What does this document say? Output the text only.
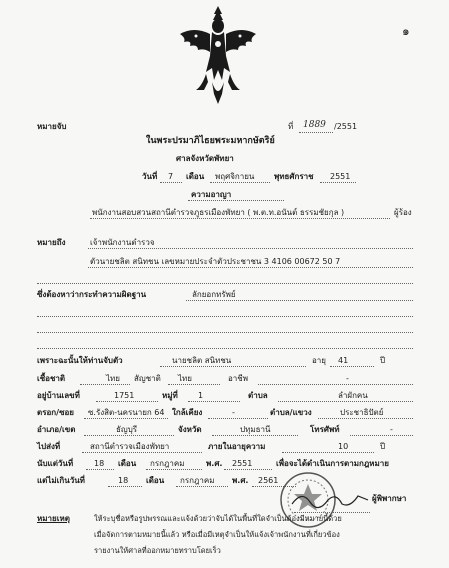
๑
หมายจับ	ที่ 1889 /2551
ในพระปรมาภิไธยพระมหากษัตริย์
ศาลจังหวัดพัทยา
วันที่ 7 เดือน พฤศจิกายน พุทธศักราช 2551
ความอาญา
พนักงานสอบสวนสถานีตำรวจภูธรเมืองพัทยา ( พ.ต.ท.อนันต์ ธรรมชัยกุล )	ผู้ร้อง
หมายถึง	เจ้าพนักงานตำรวจ
ตัวนายชลิต สนิทชน เลขหมายประจำตัวประชาชน 3 4106 00672 50 7
ซึ่งต้องหาว่ากระทำความผิดฐาน	ลักยอกทรัพย์
เพราะฉะนั้นให้ท่านจับตัว	นายชลิต สนิทชน	อายุ 41	ปี
เชื้อชาติ	ไทย สัญชาติ ไทย	อาชีพ	-
อยู่บ้านเลขที่	1751	หมู่ที่	1	ตำบล	ลำผักคน
ตรอก/ซอย ซ.รังสิต-นครนายก 64 ใกล้เคียง	-	ตำบล/แขวง	ประชาธิปัตย์
อำเภอ/เขต	ธัญบุรี	จังหวัด	ปทุมธานี	โทรศัพท์	-
ไปส่งที่	สถานีตำรวจเมืองพัทยา	ภายในอายุความ	10	ปี
นับแต่วันที่	18 เดือน กรกฎาคม	พ.ศ. 2551	เพื่อจะได้ดำเนินการตามกฎหมาย
แต่ไม่เกินวันที่	18 เดือน กรกฎาคม พ.ศ. 2561
ผู้พิพากษา
หมายเหตุ	ให้ระบุชื่อหรือรูปพรรณและแจ้งด้วยว่าจับได้ในพื้นที่ใดจำเป็นต้องมีหมายนี้ด้วย
เมื่อจัดการตามหมายนี้แล้ว หรือเมื่อมีเหตุจำเป็นให้แจ้งเจ้าพนักงานที่เกี่ยวข้อง
รายงานให้ศาลที่ออกหมายทราบโดยเร็ว
